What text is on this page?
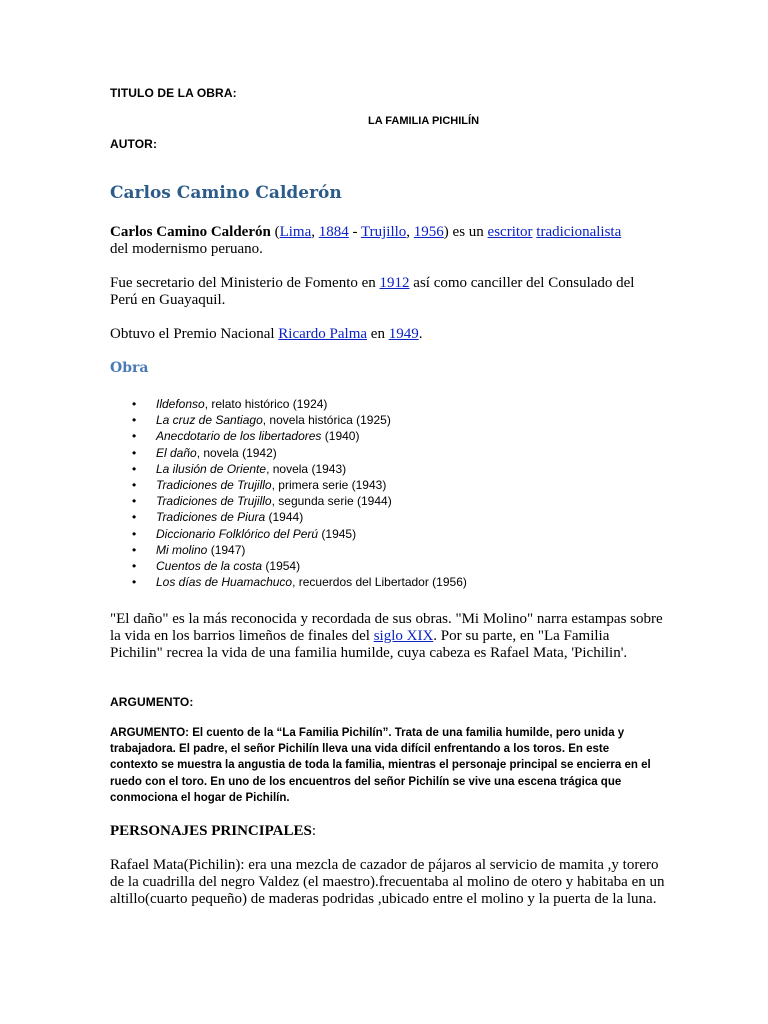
TITULO DE LA OBRA:

LA FAMILIA PICHILÍN

AUTOR:

Carlos Camino Calderón

Carlos Camino Calderón (Lima, 1884 - Trujillo, 1956) es un escritor tradicionalista
del modernismo peruano.

Fue secretario del Ministerio de Fomento en 1912 así como canciller del Consulado del Perú en Guayaquil.

Obtuvo el Premio Nacional Ricardo Palma en 1949.

Obra
• Ildefonso, relato histórico (1924)
• La cruz de Santiago, novela histórica (1925)
• Anecdotario de los libertadores (1940)
• El daño, novela (1942)
• La ilusión de Oriente, novela (1943)
• Tradiciones de Trujillo, primera serie (1943)
• Tradiciones de Trujillo, segunda serie (1944)
• Tradiciones de Piura (1944)
• Diccionario Folklórico del Perú (1945)
• Mi molino (1947)
• Cuentos de la costa (1954)
• Los días de Huamachuco, recuerdos del Libertador (1956)

"El daño" es la más reconocida y recordada de sus obras. "Mi Molino" narra estampas sobre la vida en los barrios limeños de finales del siglo XIX. Por su parte, en "La Familia Pichilin" recrea la vida de una familia humilde, cuya cabeza es Rafael Mata, 'Pichilin'.

ARGUMENTO:

ARGUMENTO: El cuento de la “La Familia Pichilín”. Trata de una familia humilde, pero unida y trabajadora. El padre, el señor Pichilín lleva una vida difícil enfrentando a los toros. En este contexto se muestra la angustia de toda la familia, mientras el personaje principal se encierra en el ruedo con el toro. En uno de los encuentros del señor Pichilín se vive una escena trágica que conmociona el hogar de Pichilín.

PERSONAJES PRINCIPALES:

Rafael Mata(Pichilin): era una mezcla de cazador de pájaros al servicio de mamita ,y torero de la cuadrilla del negro Valdez (el maestro).frecuentaba al molino de otero y habitaba en un altillo(cuarto pequeño) de maderas podridas ,ubicado entre el molino y la puerta de la luna.
